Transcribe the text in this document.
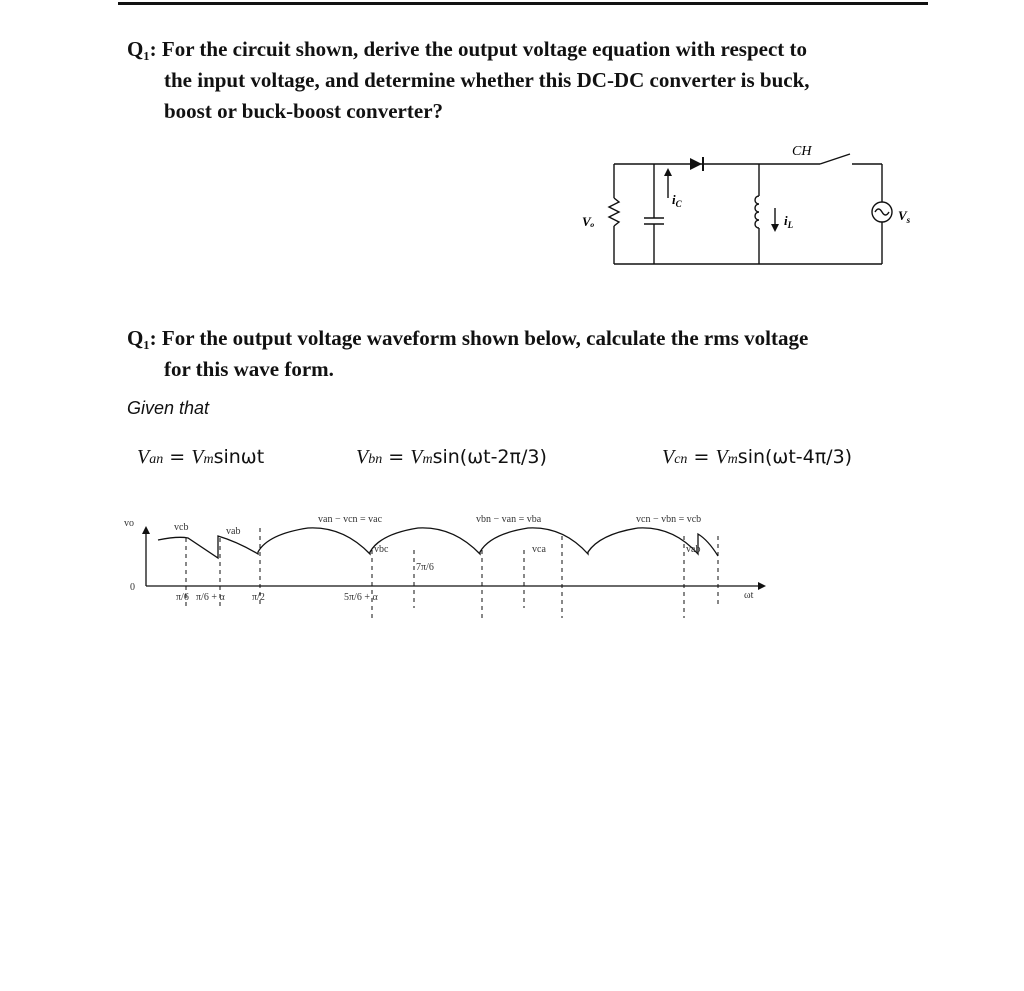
Q₁: For the circuit shown, derive the output voltage equation with respect to
the input voltage, and determine whether this DC-DC converter is buck,
boost or buck-boost converter?
CH
Vₒ
$i_C$
$i_L$
$V_s$
Q₁: For the output voltage waveform shown below, calculate the rms voltage
for this wave form.
Given that
Van = Vmsinωt	Vbn = Vmsin(ωt-2π/3)	Vcn = Vmsin(ωt-4π/3)
vo
0
ωt
vcb	vab
vbc	vca	vab
van − vcn = vac	vbn − van = vba	vcn − vbn = vcb
π/6 π/6 + α	π/2	5π/6 + α
7π/6
